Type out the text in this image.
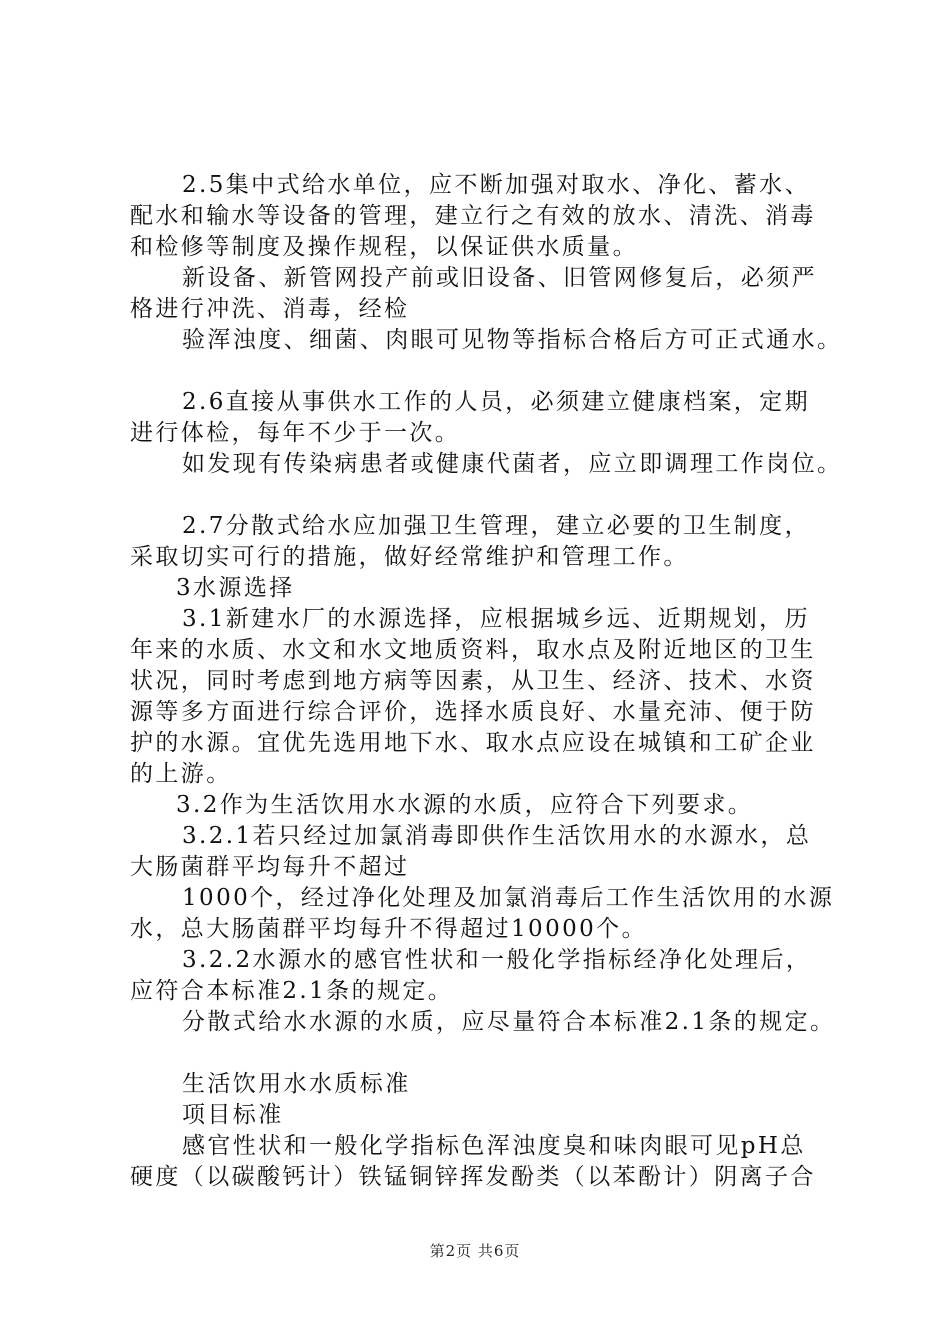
2.5集中式给水单位，应不断加强对取水、净化、蓄水、
配水和输水等设备的管理，建立行之有效的放水、清洗、消毒
和检修等制度及操作规程，以保证供水质量。
新设备、新管网投产前或旧设备、旧管网修复后，必须严
格进行冲洗、消毒，经检
验浑浊度、细菌、肉眼可见物等指标合格后方可正式通水。
2.6直接从事供水工作的人员，必须建立健康档案，定期
进行体检，每年不少于一次。
如发现有传染病患者或健康代菌者，应立即调理工作岗位。
2.7分散式给水应加强卫生管理，建立必要的卫生制度，
采取切实可行的措施，做好经常维护和管理工作。
3水源选择
3.1新建水厂的水源选择，应根据城乡远、近期规划，历
年来的水质、水文和水文地质资料，取水点及附近地区的卫生
状况，同时考虑到地方病等因素，从卫生、经济、技术、水资
源等多方面进行综合评价，选择水质良好、水量充沛、便于防
护的水源。宜优先选用地下水、取水点应设在城镇和工矿企业
的上游。
3.2作为生活饮用水水源的水质，应符合下列要求。
3.2.1若只经过加氯消毒即供作生活饮用水的水源水，总
大肠菌群平均每升不超过
1000个，经过净化处理及加氯消毒后工作生活饮用的水源
水，总大肠菌群平均每升不得超过10000个。
3.2.2水源水的感官性状和一般化学指标经净化处理后，
应符合本标准2.1条的规定。
分散式给水水源的水质，应尽量符合本标准2.1条的规定。
生活饮用水水质标准
项目标准
感官性状和一般化学指标色浑浊度臭和味肉眼可见pH总
硬度（以碳酸钙计）铁锰铜锌挥发酚类（以苯酚计）阴离子合
第2页 共6页
